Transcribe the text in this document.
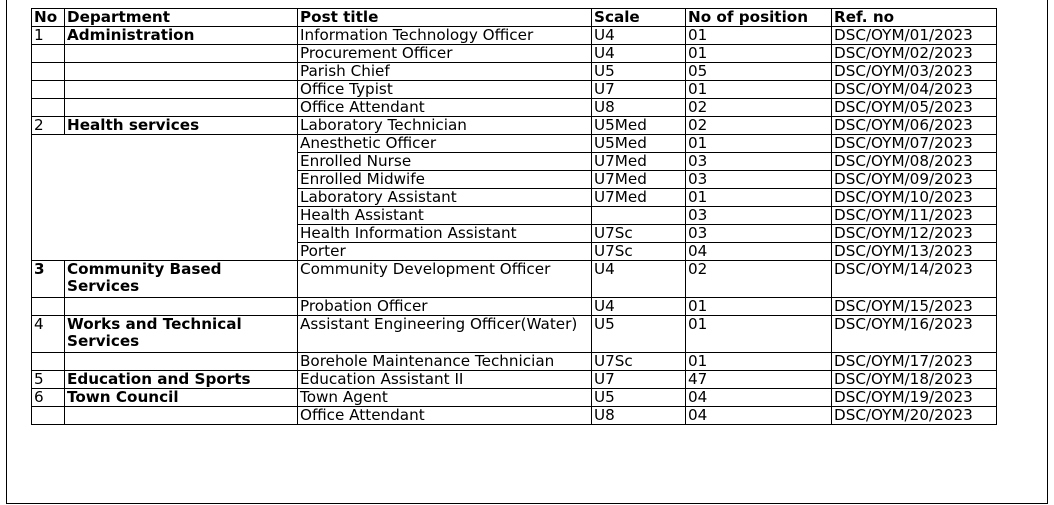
No	Department	Post title	Scale	No of position	Ref. no
1	Administration	Information Technology Officer	U4	01	DSC/OYM/01/2023
		Procurement Officer	U4	01	DSC/OYM/02/2023
		Parish Chief	U5	05	DSC/OYM/03/2023
		Office Typist	U7	01	DSC/OYM/04/2023
		Office Attendant	U8	02	DSC/OYM/05/2023
2	Health services	Laboratory Technician	U5Med	02	DSC/OYM/06/2023
		Anesthetic Officer	U5Med	01	DSC/OYM/07/2023
		Enrolled Nurse	U7Med	03	DSC/OYM/08/2023
		Enrolled Midwife	U7Med	03	DSC/OYM/09/2023
		Laboratory Assistant	U7Med	01	DSC/OYM/10/2023
		Health Assistant		03	DSC/OYM/11/2023
		Health Information Assistant	U7Sc	03	DSC/OYM/12/2023
		Porter	U7Sc	04	DSC/OYM/13/2023
3	Community Based Services	Community Development Officer	U4	02	DSC/OYM/14/2023
		Probation Officer	U4	01	DSC/OYM/15/2023
4	Works and Technical Services	Assistant Engineering Officer(Water)	U5	01	DSC/OYM/16/2023
		Borehole Maintenance Technician	U7Sc	01	DSC/OYM/17/2023
5	Education and Sports	Education Assistant II	U7	47	DSC/OYM/18/2023
6	Town Council	Town Agent	U5	04	DSC/OYM/19/2023
		Office Attendant	U8	04	DSC/OYM/20/2023
